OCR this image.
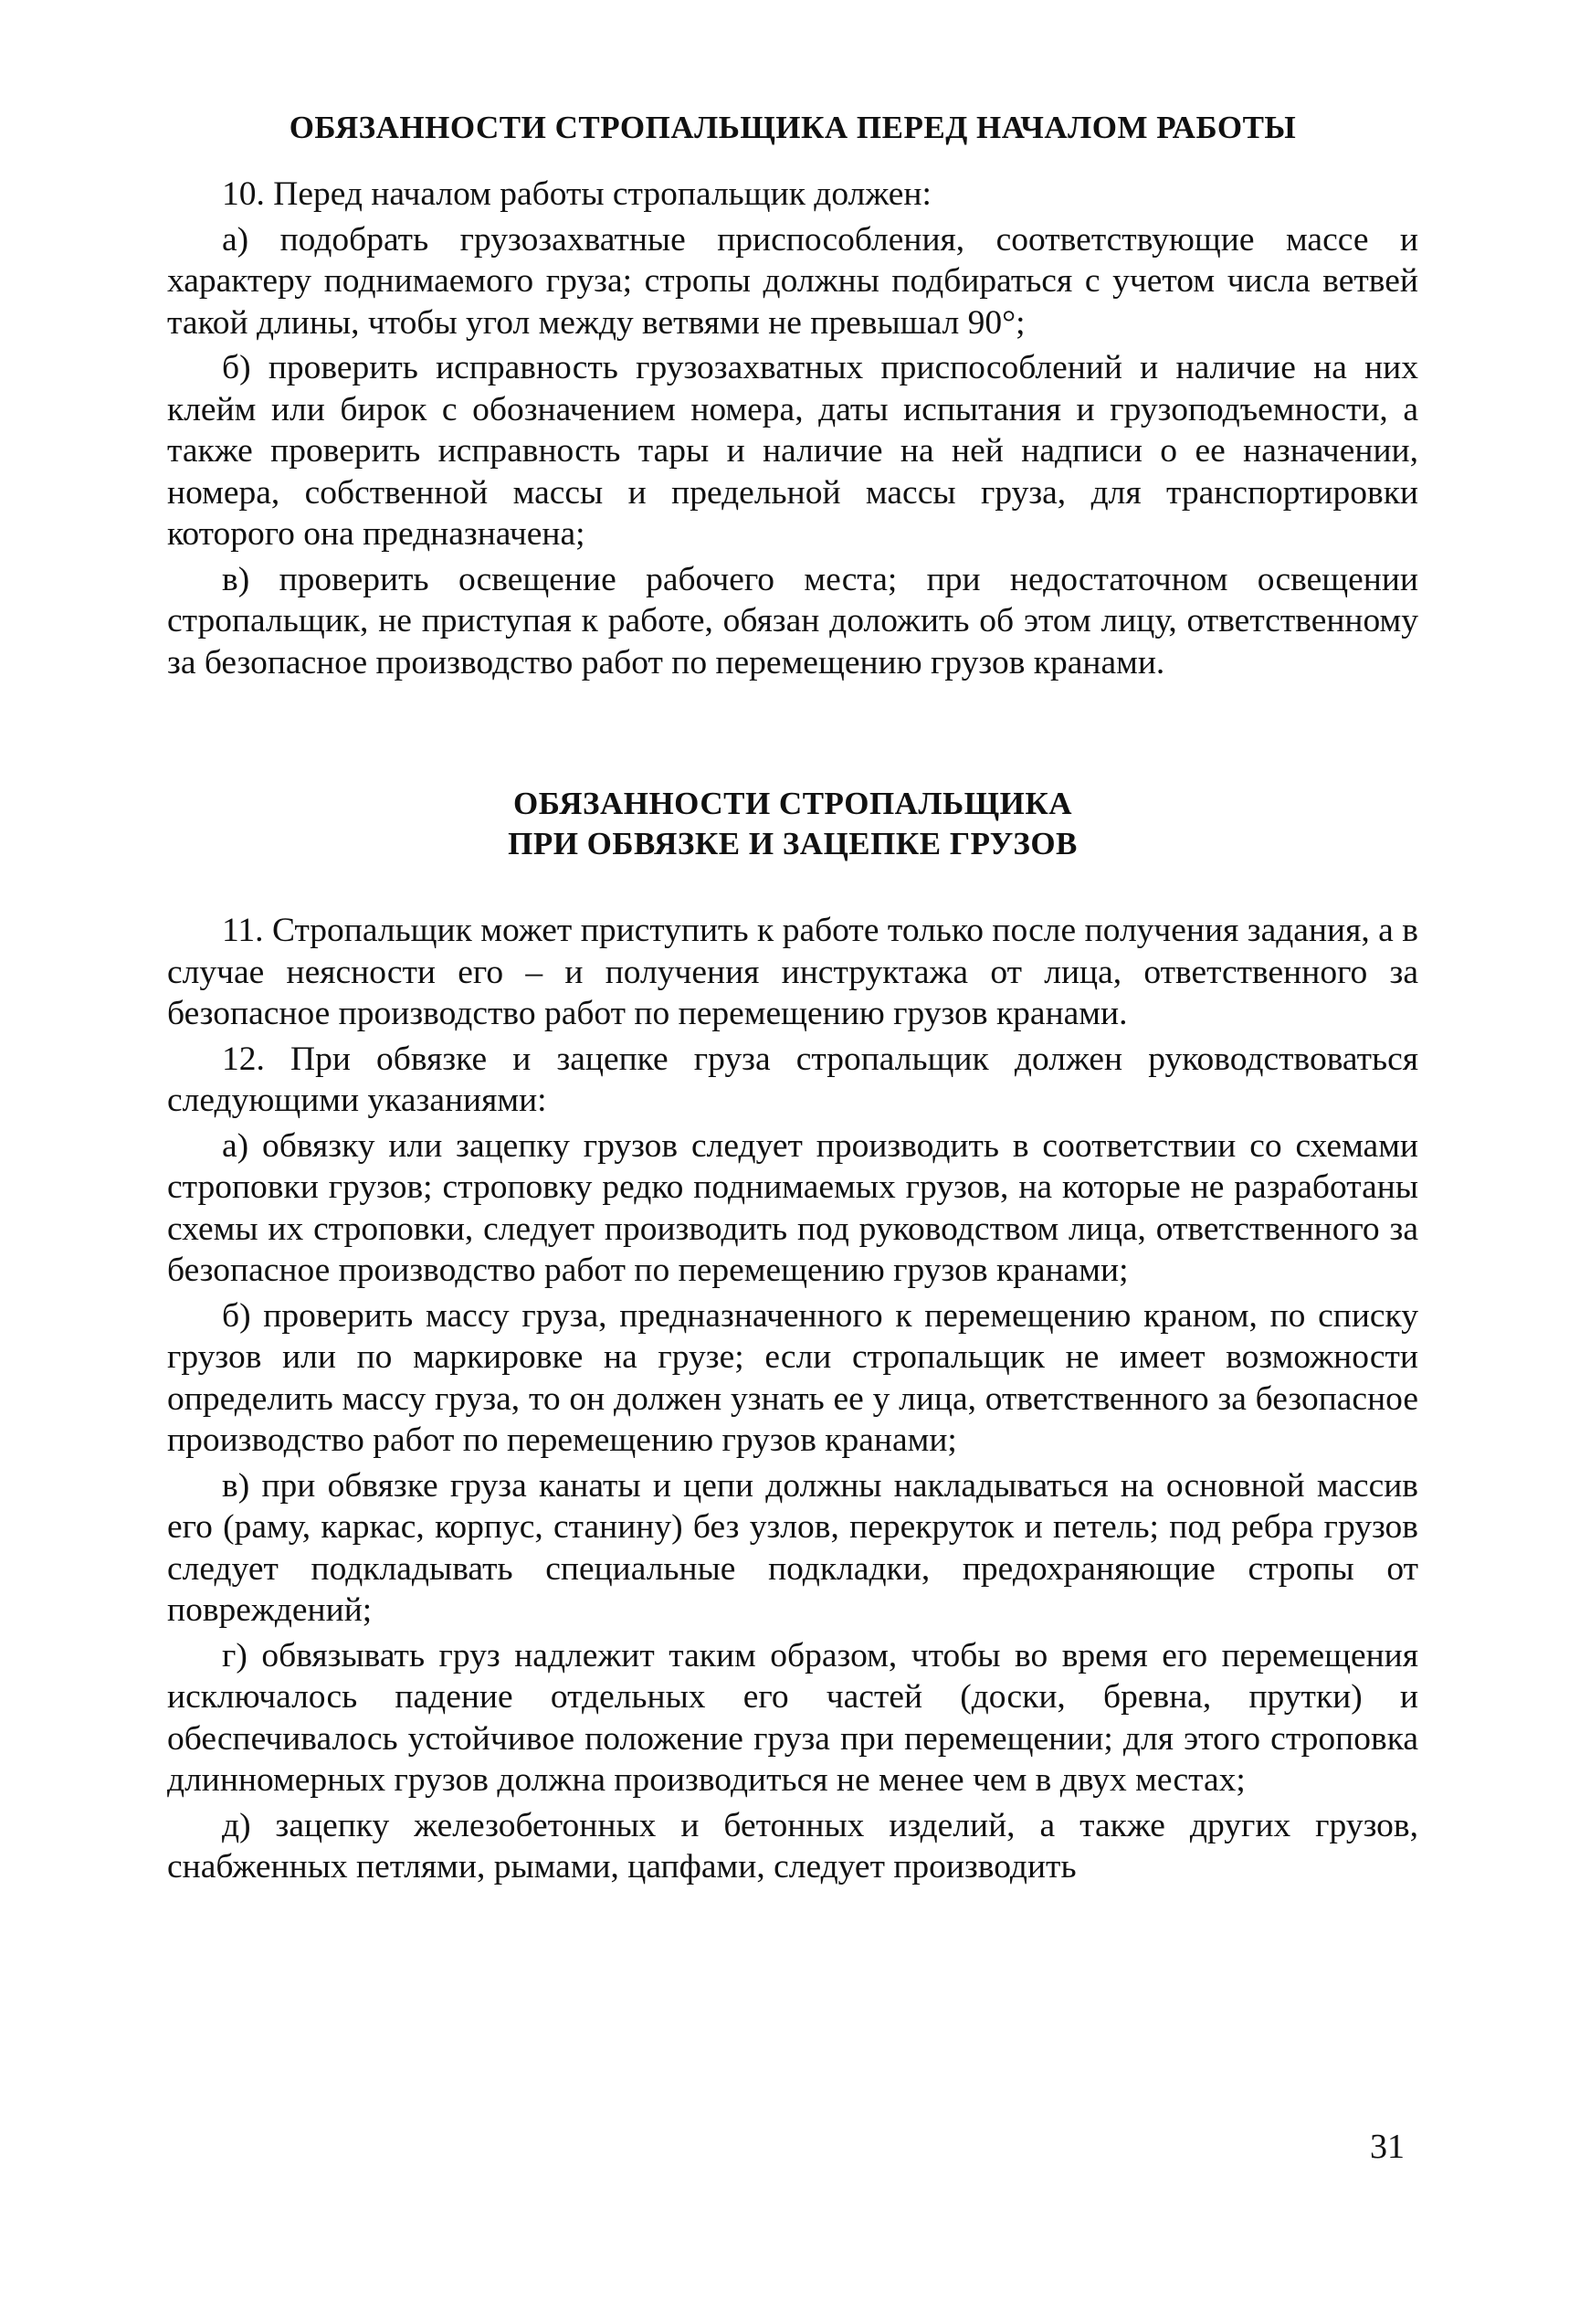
ОБЯЗАННОСТИ СТРОПАЛЬЩИКА ПЕРЕД НАЧАЛОМ РАБОТЫ

10. Перед началом работы стропальщик должен:

а) подобрать грузозахватные приспособления, соответствующие массе и характеру поднимаемого груза; стропы должны подбираться с учетом числа ветвей такой длины, чтобы угол между ветвями не превышал 90°;

б) проверить исправность грузозахватных приспособлений и наличие на них клейм или бирок с обозначением номера, даты испытания и грузоподъемности, а также проверить исправность тары и наличие на ней надписи о ее назначении, номера, собственной массы и предельной массы груза, для транспортировки которого она предназначена;

в) проверить освещение рабочего места; при недостаточном освещении стропальщик, не приступая к работе, обязан доложить об этом лицу, ответственному за безопасное производство работ по перемещению грузов кранами.

ОБЯЗАННОСТИ СТРОПАЛЬЩИКА
ПРИ ОБВЯЗКЕ И ЗАЦЕПКЕ ГРУЗОВ

11. Стропальщик может приступить к работе только после получения задания, а в случае неясности его – и получения инструктажа от лица, ответственного за безопасное производство работ по перемещению грузов кранами.

12. При обвязке и зацепке груза стропальщик должен руководствоваться следующими указаниями:

а) обвязку или зацепку грузов следует производить в соответствии со схемами строповки грузов; строповку редко поднимаемых грузов, на которые не разработаны схемы их строповки, следует производить под руководством лица, ответственного за безопасное производство работ по перемещению грузов кранами;

б) проверить массу груза, предназначенного к перемещению краном, по списку грузов или по маркировке на грузе; если стропальщик не имеет возможности определить массу груза, то он должен узнать ее у лица, ответственного за безопасное производство работ по перемещению грузов кранами;

в) при обвязке груза канаты и цепи должны накладываться на основной массив его (раму, каркас, корпус, станину) без узлов, перекруток и петель; под ребра грузов следует подкладывать специальные подкладки, предохраняющие стропы от повреждений;

г) обвязывать груз надлежит таким образом, чтобы во время его перемещения исключалось падение отдельных его частей (доски, бревна, прутки) и обеспечивалось устойчивое положение груза при перемещении; для этого строповка длинномерных грузов должна производиться не менее чем в двух местах;

д) зацепку железобетонных и бетонных изделий, а также других грузов, снабженных петлями, рымами, цапфами, следует производить

31
